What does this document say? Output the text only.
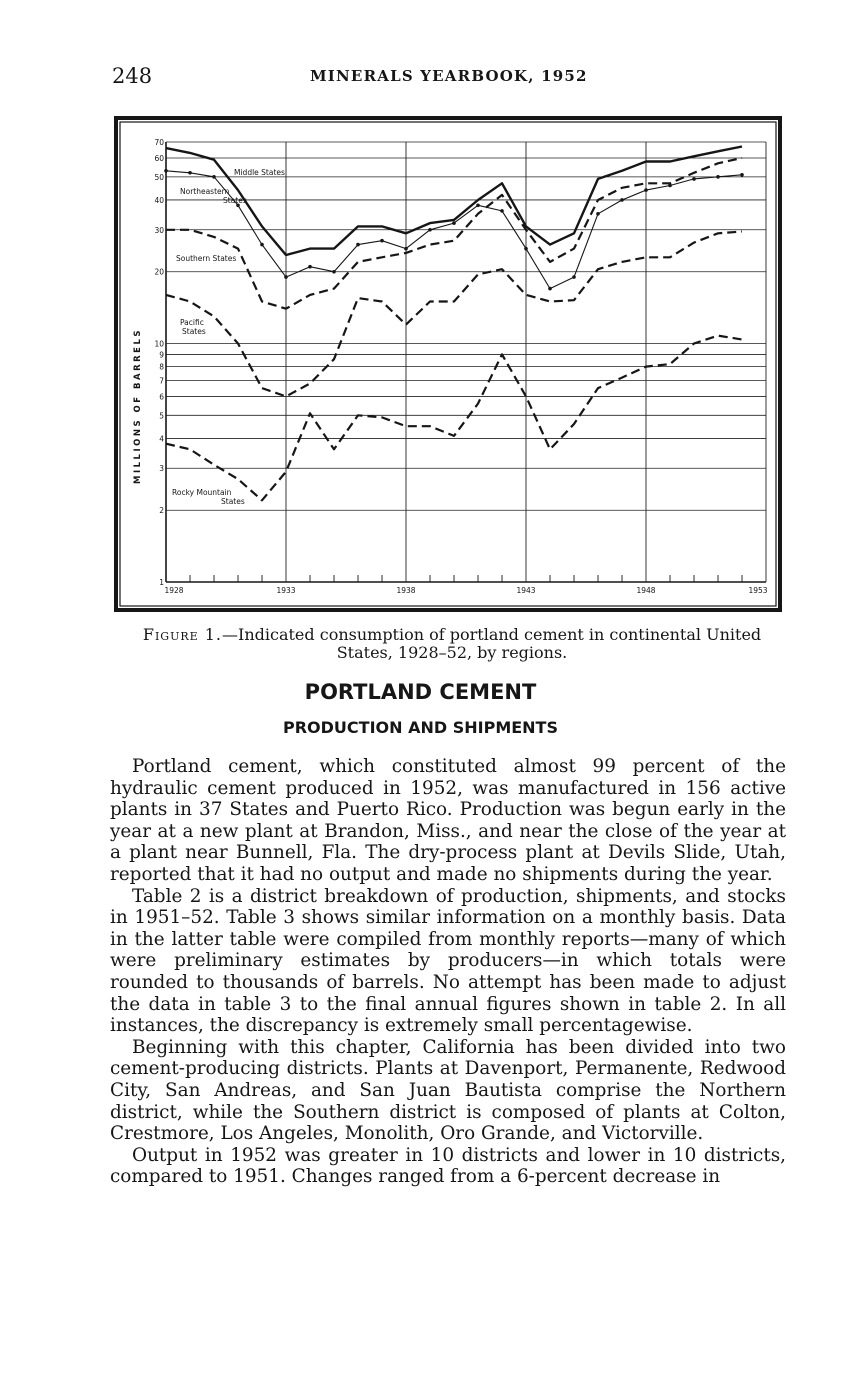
248	MINERALS YEARBOOK, 1952
70
60
50
40
30
20
10
9
8
7
6
5
4
3
2
1
1928	1933	1938	1943	1948	1953
Middle States
Northeastern States
Southern States
Pacific States
Rocky Mountain States
MILLIONS OF BARRELS
Figure 1.—Indicated consumption of portland cement in continental United States, 1928–52, by regions.
PORTLAND CEMENT
PRODUCTION AND SHIPMENTS

Portland cement, which constituted almost 99 percent of the hydraulic cement produced in 1952, was manufactured in 156 active plants in 37 States and Puerto Rico. Production was begun early in the year at a new plant at Brandon, Miss., and near the close of the year at a plant near Bunnell, Fla. The dry-process plant at Devils Slide, Utah, reported that it had no output and made no shipments during the year.

Table 2 is a district breakdown of production, shipments, and stocks in 1951–52. Table 3 shows similar information on a monthly basis. Data in the latter table were compiled from monthly reports—many of which were preliminary estimates by producers—in which totals were rounded to thousands of barrels. No attempt has been made to adjust the data in table 3 to the final annual figures shown in table 2. In all instances, the discrepancy is extremely small percentagewise.

Beginning with this chapter, California has been divided into two cement-producing districts. Plants at Davenport, Permanente, Redwood City, San Andreas, and San Juan Bautista comprise the Northern district, while the Southern district is composed of plants at Colton, Crestmore, Los Angeles, Monolith, Oro Grande, and Victorville.

Output in 1952 was greater in 10 districts and lower in 10 districts, compared to 1951. Changes ranged from a 6-percent decrease in
